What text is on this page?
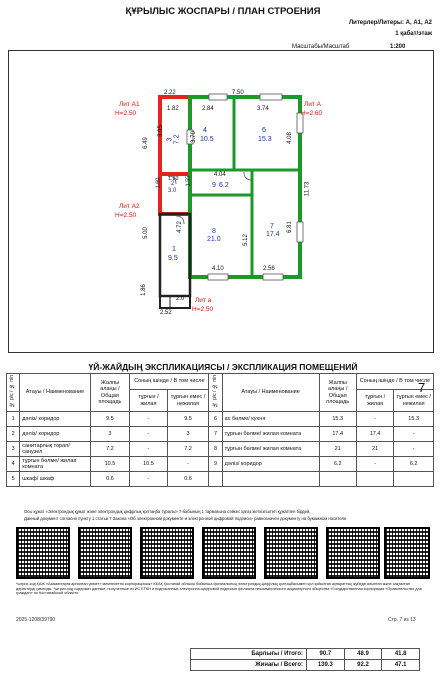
ҚҰРЫЛЫС ЖОСПАРЫ / ПЛАН СТРОЕНИЯ
Литерлер/Литеры: А, А1, А2
1 қабат/этаж
Масштабы/Масштаб	1:200
2.22	7.50
6.49
5.00
1.86
11.73
1.82
3.95
2.84
3.70
3.74
4.08
1.82
1.60	1.55
4.04
5.12
4.72	6.81
4.10	2.56
2.0
2.52
Лит А1
Н=2.50
Лит А
Н=2.60
Лит А2
Н=2.50
Лит а
Н=2.50
3 7.2
4
10.5
6
15.3
2
3.0
9 6.2
8
21.0
7
17.4
1
9.5
ҮЙ-ЖАЙДЫҢ ЭКСПЛИКАЦИЯСЫ / ЭКСПЛИКАЦИЯ ПОМЕЩЕНИЙ
№ р/с / № п/п	Атауы / Наименование	Жалпы алаңы / Общая площадь	Соның ішінде / В том числе		№ р/с / № п/п	Атауы / Наименование	Жалпы алаңы / Общая площадь	Соның ішінде / В том числе	
			тұрғын / жилая	тұрғын емес / нежилая				тұрғын / жилая	тұрғын емес / нежилая
1	дәліз/ коридор	9.5	-	9.5	6	ас бөлме/ кухня	15.3	-	15.3
2	дәліз/ коридор	3	-	3	7	тұрғын бөлме/ жилая комната	17.4	17.4	-
3	санитарлық торап/ санузел	7.2	-	7.2	8	тұрғын бөлме/ жилая комната	21	21	-
4	тұрғын бөлме/ жилая комната	10.5	10.5	-	9	дәліз/ коридор	6.2	-	6.2
5	шкаф/ шкаф	0.6	-	0.6					
7
Осы құжат «Электрондық құжат және электрондық цифрлық қолтаңба туралы» 7-бабының 1 тармағына сәйкес қағаз жеткізгіштегі құжатпен бірдей.
Данный документ согласно пункту 1 статьи 7 Закона «Об электронном документе и электронной цифровой подписи» равнозначен документу на бумажном носителе
*штрих-код ҚАЖ «Азаматтарға арналған үкімет» мемлекеттік корпорациясы» КЕАҚ Қостанай облысы бойынша филиалының электрондық-цифрлық қолтаңбасымен қол қойылған ақпараттық жүйеде алынған және сақталған деректерді қамтиды. *штрих-код содержит данные, полученные из ИС ЕГКН и подписанные электронно-цифровой подписью филиала некоммерческого акционерного общества «Государственная корпорация «Правительство для граждан» по Костанайской области
2025-1208/39790	Стр. 7 из 13
Барлығы / Итого:	90.7	48.9	41.8
Жинағы / Всего:	139.3	92.2	47.1
